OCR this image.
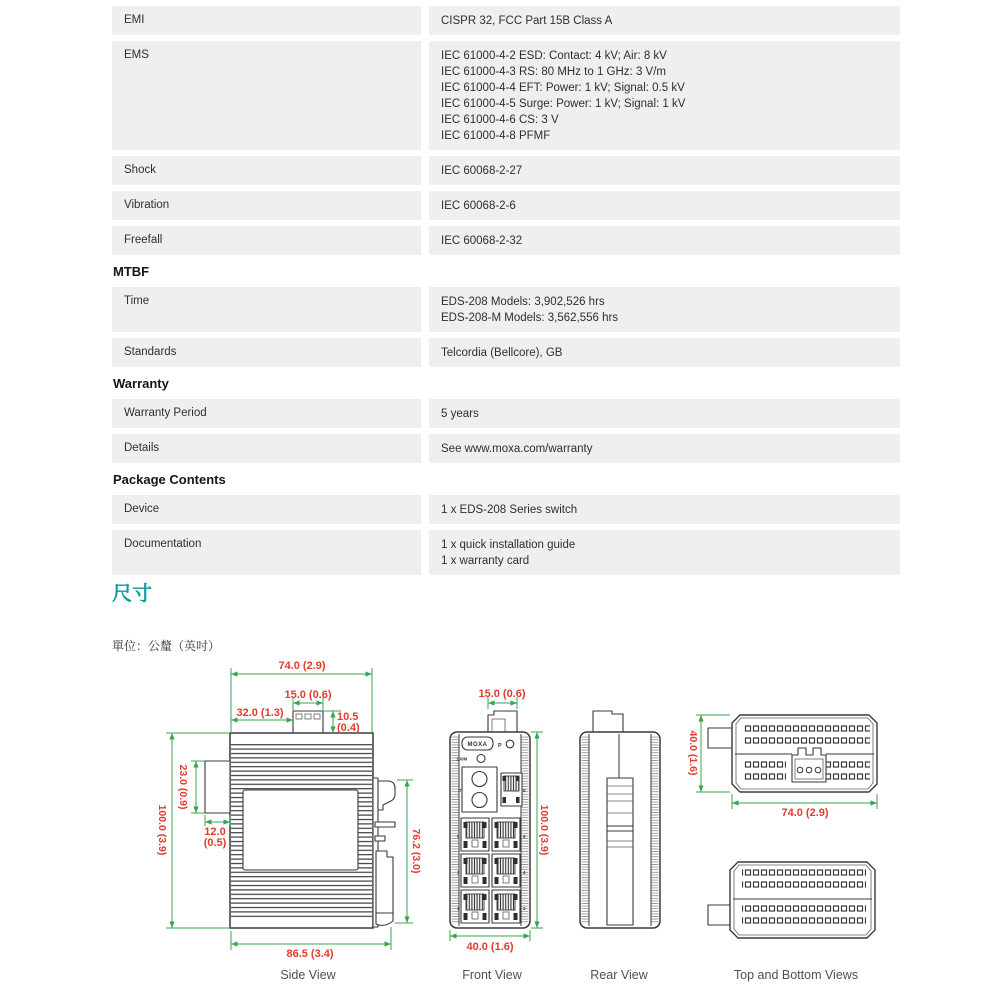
EMI	CISPR 32, FCC Part 15B Class A
EMS	IEC 61000-4-2 ESD: Contact: 4 kV; Air: 8 kV
IEC 61000-4-3 RS: 80 MHz to 1 GHz: 3 V/m
IEC 61000-4-4 EFT: Power: 1 kV; Signal: 0.5 kV
IEC 61000-4-5 Surge: Power: 1 kV; Signal: 1 kV
IEC 61000-4-6 CS: 3 V
IEC 61000-4-8 PFMF
Shock	IEC 60068-2-27
Vibration	IEC 60068-2-6
Freefall	IEC 60068-2-32
MTBF
Time	EDS-208 Models: 3,902,526 hrs
EDS-208-M Models: 3,562,556 hrs
Standards	Telcordia (Bellcore), GB
Warranty
Warranty Period	5 years
Details	See www.moxa.com/warranty
Package Contents
Device	1 x EDS-208 Series switch
Documentation	1 x quick installation guide
1 x warranty card
尺寸
單位：公釐（英吋）
74.0 (2.9)
15.0 (0.6)
32.0 (1.3)	10.5
(0.4)
23.0 (0.9)
12.0
(0.5)
100.0 (3.9)	76.2 (3.0)
86.5 (3.4)
Side View
MOXA P
100M
7	8
5	6
3	4
1	2
15.0 (0.6)
100.0 (3.9)
40.0 (1.6)
Front View	Rear View
40.0 (1.6)
74.0 (2.9)
Top and Bottom Views
